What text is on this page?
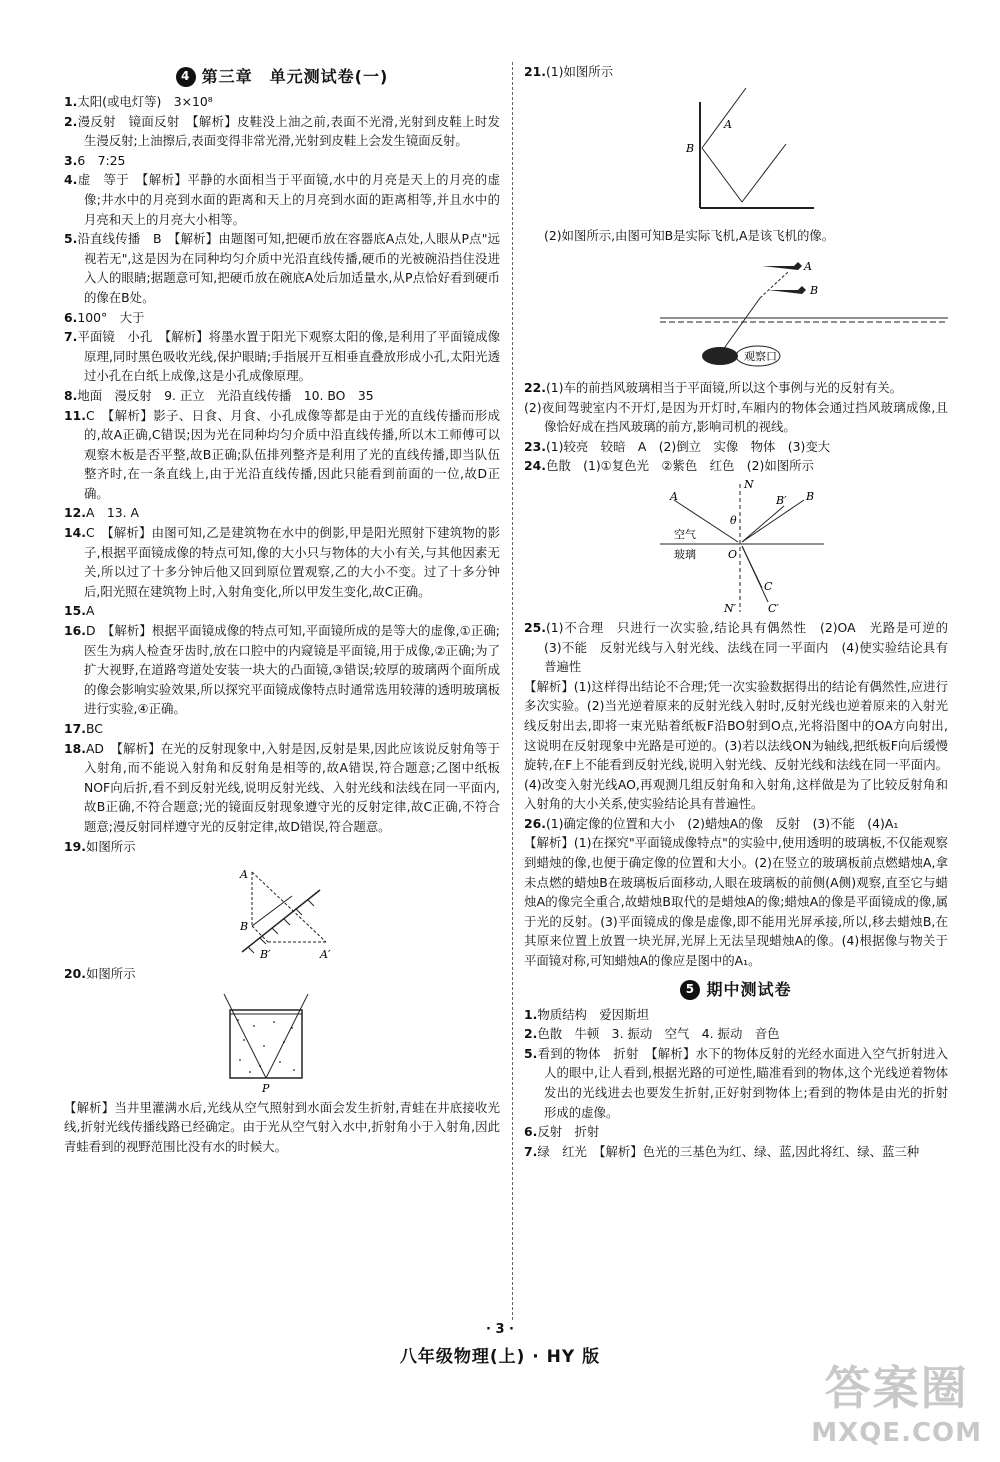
4 第三章　单元测试卷(一)

1.太阳(或电灯等)　3×10⁸

2.漫反射　镜面反射　【解析】皮鞋没上油之前,表面不光滑,光射到皮鞋上时发生漫反射;上油擦后,表面变得非常光滑,光射到皮鞋上会发生镜面反射。

3.6　7:25

4.虚　等于　【解析】平静的水面相当于平面镜,水中的月亮是天上的月亮的虚像;井水中的月亮到水面的距离和天上的月亮到水面的距离相等,并且水中的月亮和天上的月亮大小相等。

5.沿直线传播　B　【解析】由题图可知,把硬币放在容器底A点处,人眼从P点"远视若无",这是因为在同种均匀介质中光沿直线传播,硬币的光被碗沿挡住没进入人的眼睛;据题意可知,把硬币放在碗底A处后加适量水,从P点恰好看到硬币的像在B处。

6.100°　大于

7.平面镜　小孔　【解析】将墨水置于阳光下观察太阳的像,是利用了平面镜成像原理,同时黑色吸收光线,保护眼睛;手指展开互相垂直叠放形成小孔,太阳光透过小孔在白纸上成像,这是小孔成像原理。

8.地面　漫反射　9. 正立　光沿直线传播　10. BO　35

11.C　【解析】影子、日食、月食、小孔成像等都是由于光的直线传播而形成的,故A正确,C错误;因为光在同种均匀介质中沿直线传播,所以木工师傅可以观察木板是否平整,故B正确;队伍排列整齐是利用了光的直线传播,即当队伍整齐时,在一条直线上,由于光沿直线传播,因此只能看到前面的一位,故D正确。

12.A　13. A

14.C　【解析】由图可知,乙是建筑物在水中的倒影,甲是阳光照射下建筑物的影子,根据平面镜成像的特点可知,像的大小只与物体的大小有关,与其他因素无关,所以过了十多分钟后他又回到原位置观察,乙的大小不变。过了十多分钟后,阳光照在建筑物上时,入射角变化,所以甲发生变化,故C正确。

15.A

16.D　【解析】根据平面镜成像的特点可知,平面镜所成的是等大的虚像,①正确;医生为病人检查牙齿时,放在口腔中的内窥镜是平面镜,用于成像,②正确;为了扩大视野,在道路弯道处安装一块大的凸面镜,③错误;较厚的玻璃两个面所成的像会影响实验效果,所以探究平面镜成像特点时通常选用较薄的透明玻璃板进行实验,④正确。

17.BC

18.AD　【解析】在光的反射现象中,入射是因,反射是果,因此应该说反射角等于入射角,而不能说入射角和反射角是相等的,故A错误,符合题意;乙图中纸板NOF向后折,看不到反射光线,说明反射光线、入射光线和法线在同一平面内,故B正确,不符合题意;光的镜面反射现象遵守光的反射定律,故C正确,不符合题意;漫反射同样遵守光的反射定律,故D错误,符合题意。

19.如图所示

A
B
B′	A′

20.如图所示

P

【解析】当井里灌满水后,光线从空气照射到水面会发生折射,青蛙在井底接收光线,折射光线传播线路已经确定。由于光从空气射入水中,折射角小于入射角,因此青蛙看到的视野范围比没有水的时候大。

21.(1)如图所示

A
B

(2)如图所示,由图可知B是实际飞机,A是该飞机的像。

观察口
A
B

22.(1)车的前挡风玻璃相当于平面镜,所以这个事例与光的反射有关。

(2)夜间驾驶室内不开灯,是因为开灯时,车厢内的物体会通过挡风玻璃成像,且像恰好成在挡风玻璃的前方,影响司机的视线。

23.(1)较亮　较暗　A　(2)倒立　实像　物体　(3)变大

24.色散　(1)①复色光　②紫色　红色　(2)如图所示

N
A	B′ B
θ
空气
玻璃	O
C
N′	C′

25.(1)不合理　只进行一次实验,结论具有偶然性　(2)OA　光路是可逆的　(3)不能　反射光线与入射光线、法线在同一平面内　(4)使实验结论具有普遍性

【解析】(1)这样得出结论不合理;凭一次实验数据得出的结论有偶然性,应进行多次实验。(2)当光逆着原来的反射光线入射时,反射光线也逆着原来的入射光线反射出去,即将一束光贴着纸板F沿BO射到O点,光将沿图中的OA方向射出,这说明在反射现象中光路是可逆的。(3)若以法线ON为轴线,把纸板F向后缓慢旋转,在F上不能看到反射光线,说明入射光线、反射光线和法线在同一平面内。(4)改变入射光线AO,再观测几组反射角和入射角,这样做是为了比较反射角和入射角的大小关系,使实验结论具有普遍性。

26.(1)确定像的位置和大小　(2)蜡烛A的像　反射　(3)不能　(4)A₁

【解析】(1)在探究"平面镜成像特点"的实验中,使用透明的玻璃板,不仅能观察到蜡烛的像,也便于确定像的位置和大小。(2)在竖立的玻璃板前点燃蜡烛A,拿未点燃的蜡烛B在玻璃板后面移动,人眼在玻璃板的前侧(A侧)观察,直至它与蜡烛A的像完全重合,故蜡烛B取代的是蜡烛A的像;蜡烛A的像是平面镜成的像,属于光的反射。(3)平面镜成的像是虚像,即不能用光屏承接,所以,移去蜡烛B,在其原来位置上放置一块光屏,光屏上无法呈现蜡烛A的像。(4)根据像与物关于平面镜对称,可知蜡烛A的像应是图中的A₁。

5 期中测试卷

1.物质结构　爱因斯坦

2.色散　牛顿　3. 振动　空气　4. 振动　音色

5.看到的物体　折射　【解析】水下的物体反射的光经水面进入空气折射进入人的眼中,让人看到,根据光路的可逆性,瞄准看到的物体,这个光线逆着物体发出的光线进去也要发生折射,正好射到物体上;看到的物体是由光的折射形成的虚像。

6.反射　折射

7.绿　红光　【解析】色光的三基色为红、绿、蓝,因此将红、绿、蓝三种

· 3 ·
八年级物理(上) · HY 版
答案圈
MXQE.COM
